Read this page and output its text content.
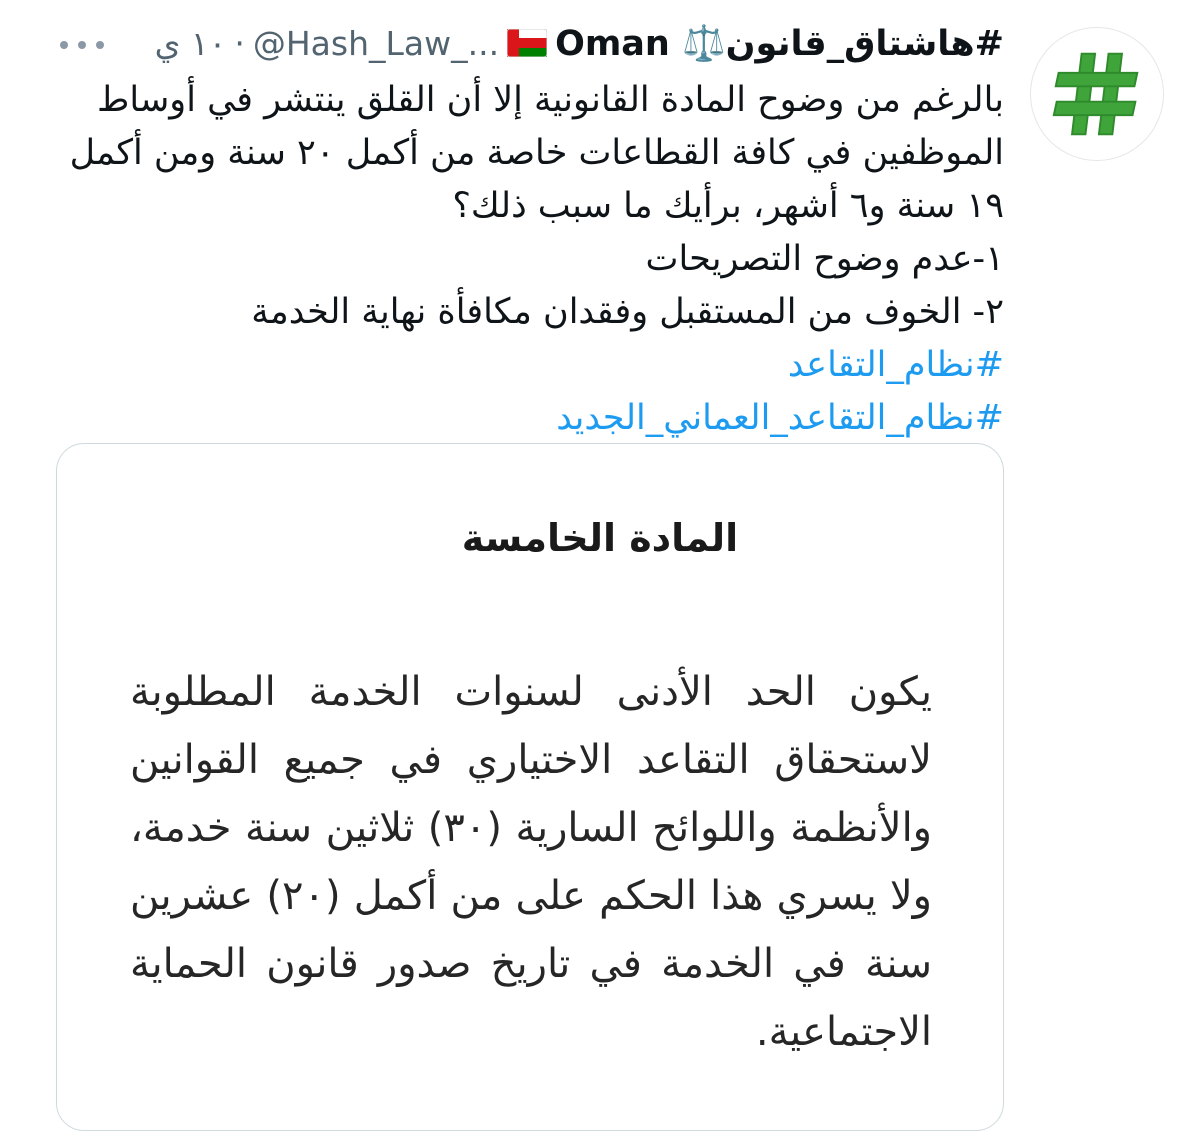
#هاشتاق_قانون⚖️ Oman
@Hash_Law_...
·
١٠ ي

بالرغم من وضوح المادة القانونية إلا أن القلق ينتشر في أوساط

الموظفين في كافة القطاعات خاصة من أكمل ٢٠ سنة ومن أكمل

١٩ سنة و٦ أشهر، برأيك ما سبب ذلك؟

١-عدم وضوح التصريحات

٢- الخوف من المستقبل وفقدان مكافأة نهاية الخدمة

#نظام_التقاعد

#نظام_التقاعد_العماني_الجديد

المادة الخامسة
يكون الحد الأدنى لسنوات الخدمة المطلوبة لاستحقاق التقاعد الاختياري في جميع القوانين والأنظمة واللوائح السارية (٣٠) ثلاثين سنة خدمة، ولا يسري هذا الحكم على من أكمل (٢٠) عشرين سنة في الخدمة في تاريخ صدور قانون الحماية الاجتماعية.
